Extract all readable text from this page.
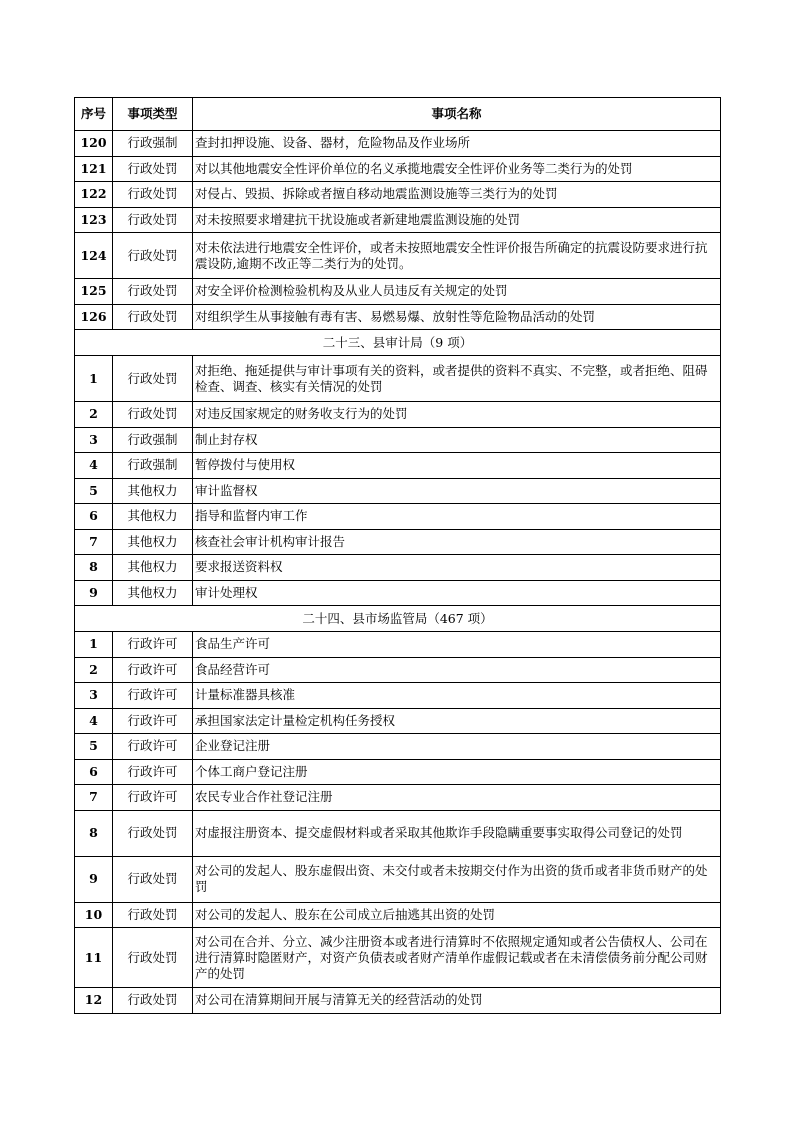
序号	事项类型	事项名称
120	行政强制	查封扣押设施、设备、器材，危险物品及作业场所
121	行政处罚	对以其他地震安全性评价单位的名义承揽地震安全性评价业务等二类行为的处罚
122	行政处罚	对侵占、毁损、拆除或者擅自移动地震监测设施等三类行为的处罚
123	行政处罚	对未按照要求增建抗干扰设施或者新建地震监测设施的处罚
124	行政处罚	对未依法进行地震安全性评价，或者未按照地震安全性评价报告所确定的抗震设防要求进行抗震设防,逾期不改正等二类行为的处罚。
125	行政处罚	对安全评价检测检验机构及从业人员违反有关规定的处罚
126	行政处罚	对组织学生从事接触有毒有害、易燃易爆、放射性等危险物品活动的处罚
二十三、县审计局（9 项）		
1	行政处罚	对拒绝、拖延提供与审计事项有关的资料，或者提供的资料不真实、不完整，或者拒绝、阻碍检查、调查、核实有关情况的处罚
2	行政处罚	对违反国家规定的财务收支行为的处罚
3	行政强制	制止封存权
4	行政强制	暂停拨付与使用权
5	其他权力	审计监督权
6	其他权力	指导和监督内审工作
7	其他权力	核查社会审计机构审计报告
8	其他权力	要求报送资料权
9	其他权力	审计处理权
二十四、县市场监管局（467 项）		
1	行政许可	食品生产许可
2	行政许可	食品经营许可
3	行政许可	计量标准器具核准
4	行政许可	承担国家法定计量检定机构任务授权
5	行政许可	企业登记注册
6	行政许可	个体工商户登记注册
7	行政许可	农民专业合作社登记注册
8	行政处罚	对虚报注册资本、提交虚假材料或者采取其他欺诈手段隐瞒重要事实取得公司登记的处罚
9	行政处罚	对公司的发起人、股东虚假出资、未交付或者未按期交付作为出资的货币或者非货币财产的处罚
10	行政处罚	对公司的发起人、股东在公司成立后抽逃其出资的处罚
11	行政处罚	对公司在合并、分立、减少注册资本或者进行清算时不依照规定通知或者公告债权人、公司在进行清算时隐匿财产，对资产负债表或者财产清单作虚假记载或者在未清偿债务前分配公司财产的处罚
12	行政处罚	对公司在清算期间开展与清算无关的经营活动的处罚
